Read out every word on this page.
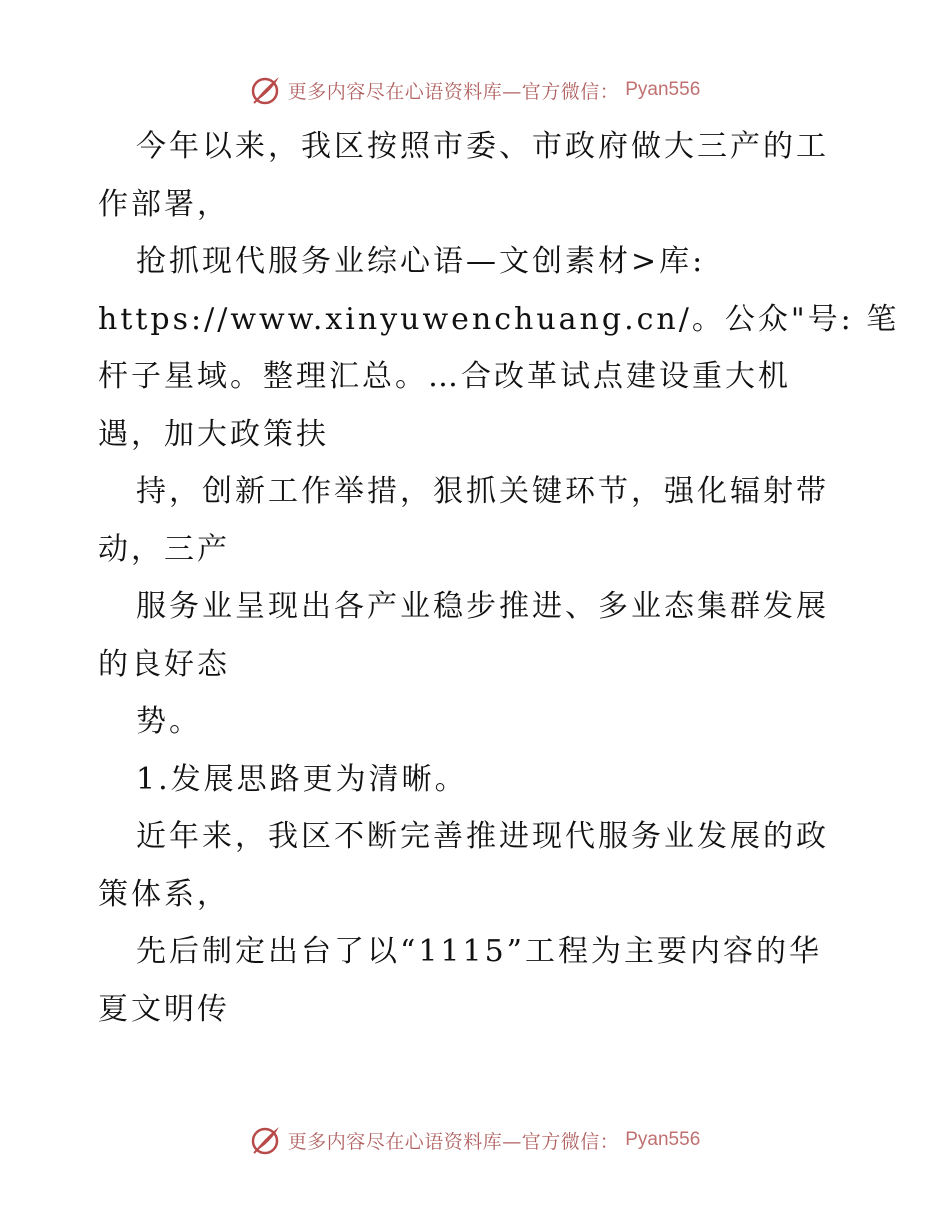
更多内容尽在心语资料库—官方微信： Pyan556
今年以来，我区按照市委、市政府做大三产的工
作部署，
抢抓现代服务业综心语—文创素材>库:
https://www.xinyuwenchuang.cn/。公众"号: 笔
杆子星域。整理汇总。…合改革试点建设重大机
遇，加大政策扶
持，创新工作举措，狠抓关键环节，强化辐射带
动，三产
服务业呈现出各产业稳步推进、多业态集群发展
的良好态
势。
1.发展思路更为清晰。
近年来，我区不断完善推进现代服务业发展的政
策体系，
先后制定出台了以“1115”工程为主要内容的华
夏文明传
更多内容尽在心语资料库—官方微信： Pyan556
